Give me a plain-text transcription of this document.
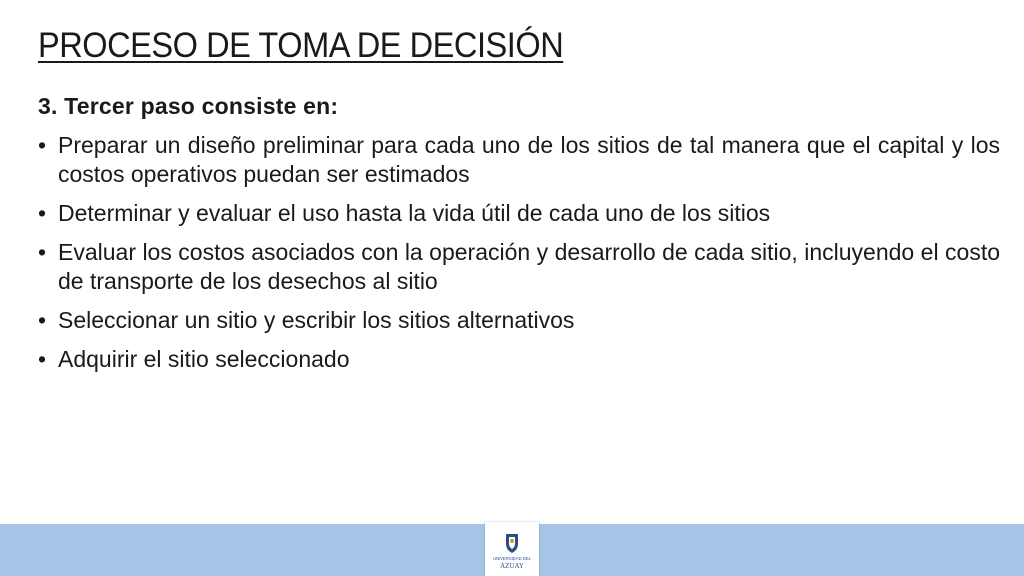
PROCESO DE TOMA DE DECISIÓN
3. Tercer paso consiste en:
• Preparar un diseño preliminar para cada uno de los sitios de tal manera que el capital y los costos operativos puedan ser estimados
• Determinar y evaluar el uso hasta la vida útil de cada uno de los sitios
• Evaluar los costos asociados con la operación y desarrollo de cada sitio, incluyendo el costo de transporte de los desechos al sitio
• Seleccionar un sitio y escribir los sitios alternativos
• Adquirir el sitio seleccionado
UNIVERSIDAD DEL
AZUAY
